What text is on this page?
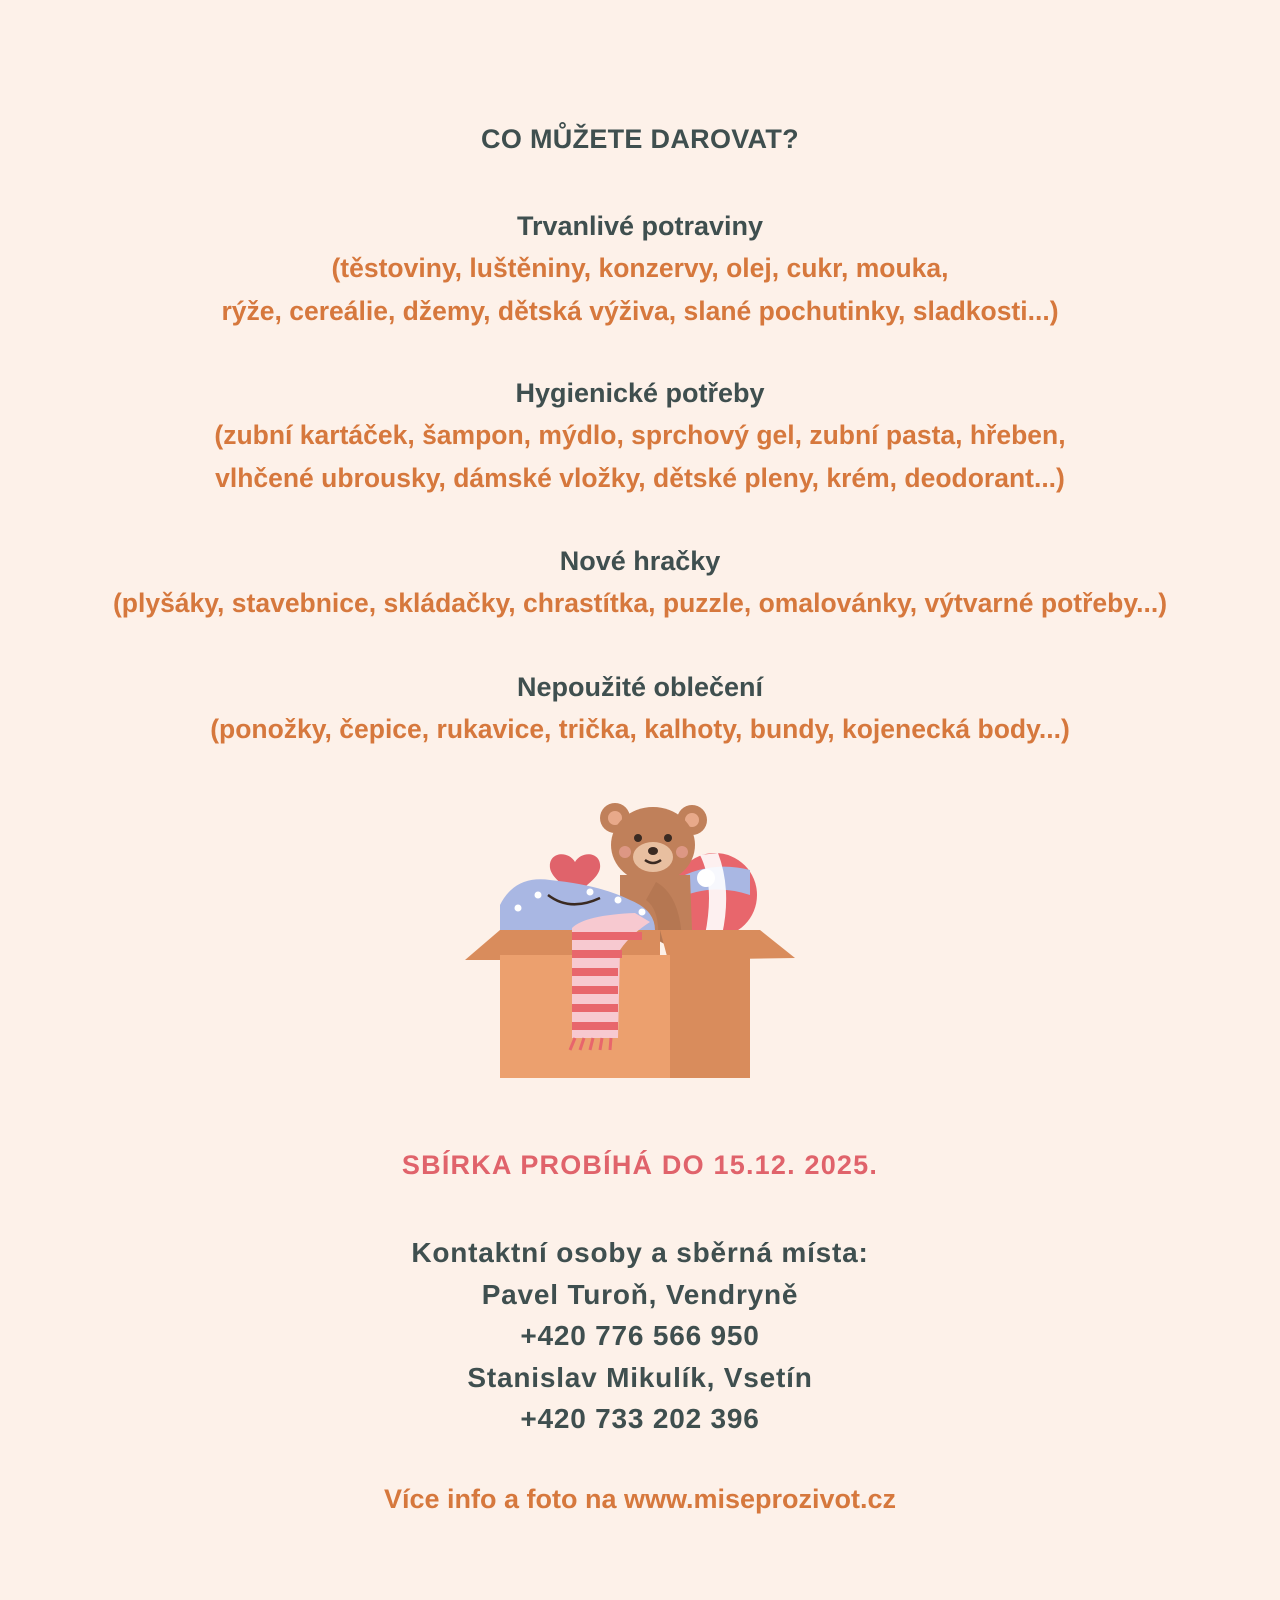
CO MŮŽETE DAROVAT?
Trvanlivé potraviny
(těstoviny, luštěniny, konzervy, olej, cukr, mouka,
rýže, cereálie, džemy, dětská výživa, slané pochutinky, sladkosti...)
Hygienické potřeby
(zubní kartáček, šampon, mýdlo, sprchový gel, zubní pasta, hřeben,
vlhčené ubrousky, dámské vložky, dětské pleny, krém, deodorant...)
Nové hračky
(plyšáky, stavebnice, skládačky, chrastítka, puzzle, omalovánky, výtvarné potřeby...)
Nepoužité oblečení
(ponožky, čepice, rukavice, trička, kalhoty, bundy, kojenecká body...)
SBÍRKA PROBÍHÁ DO 15.12. 2025.
Kontaktní osoby a sběrná místa:
Pavel Turoň, Vendryně
+420 776 566 950
Stanislav Mikulík, Vsetín
+420 733 202 396
Více info a foto na www.miseprozivot.cz
